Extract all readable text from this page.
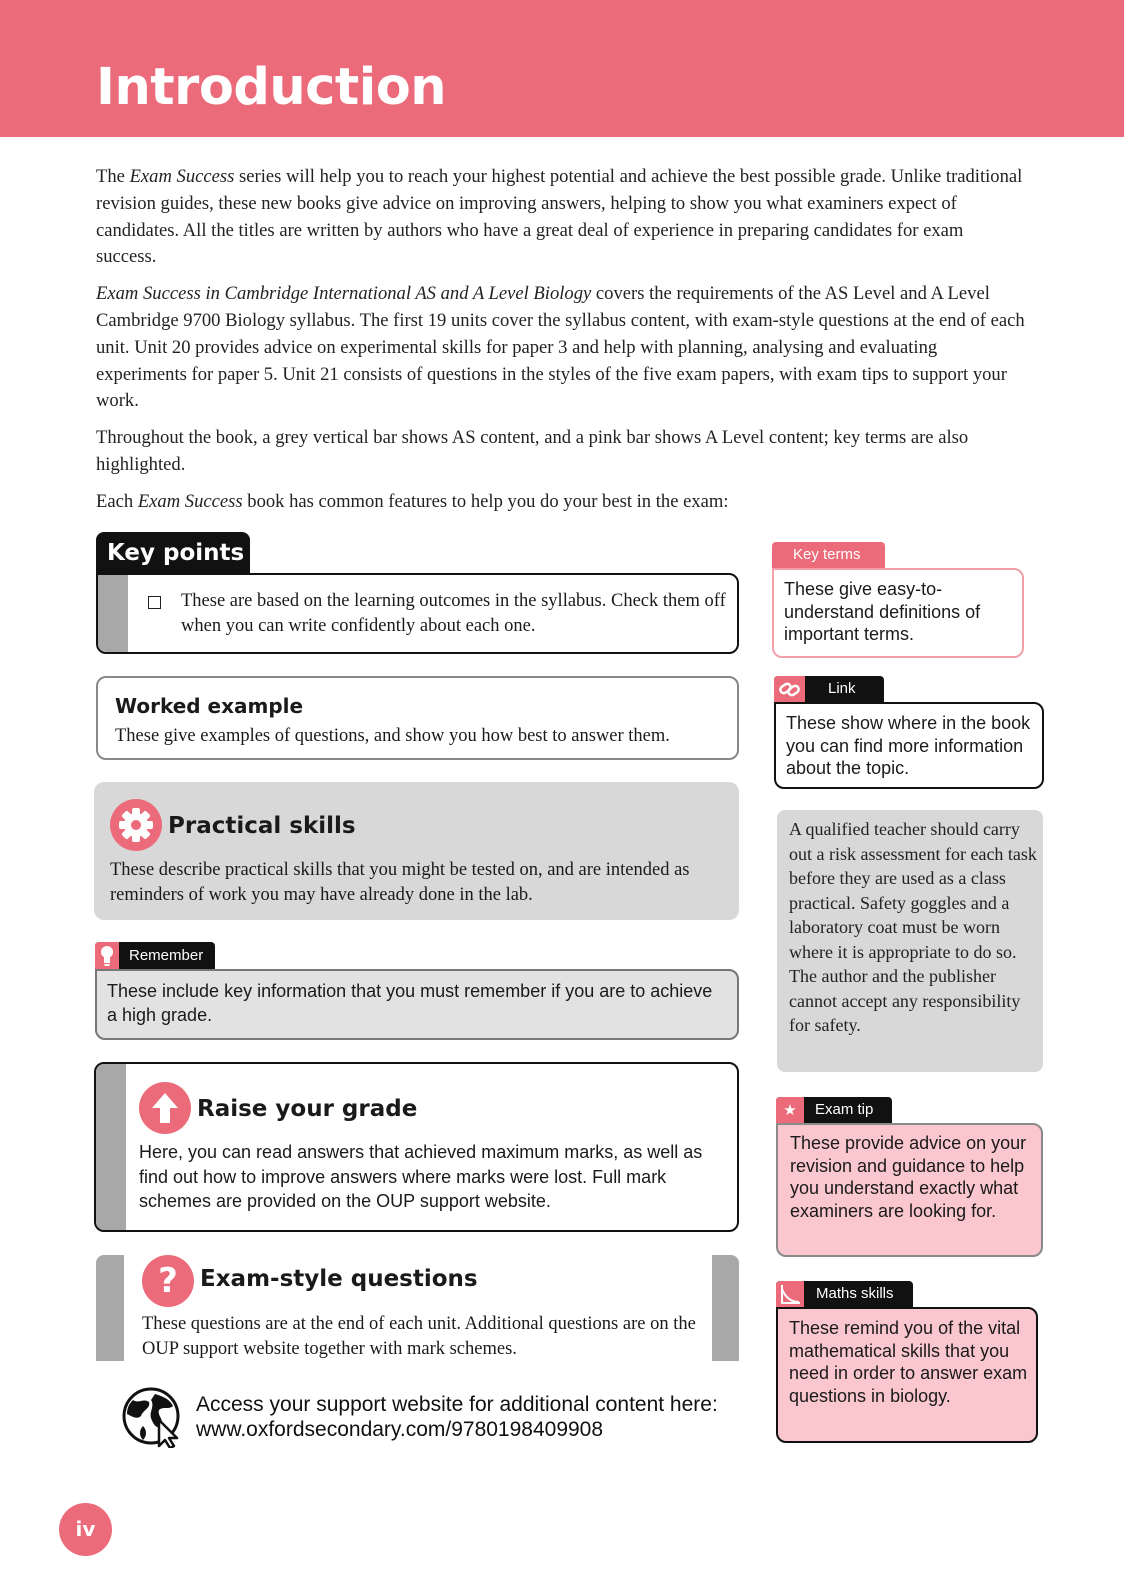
Introduction

The Exam Success series will help you to reach your highest potential and achieve the best possible grade. Unlike traditional revision guides, these new books give advice on improving answers, helping to show you what examiners expect of candidates. All the titles are written by authors who have a great deal of experience in preparing candidates for exam success.

Exam Success in Cambridge International AS and A Level Biology covers the requirements of the AS Level and A Level Cambridge 9700 Biology syllabus. The first 19 units cover the syllabus content, with exam-style questions at the end of each unit. Unit 20 provides advice on experimental skills for paper 3 and help with planning, analysing and evaluating experiments for paper 5. Unit 21 consists of questions in the styles of the five exam papers, with exam tips to support your work.

Throughout the book, a grey vertical bar shows AS content, and a pink bar shows A Level content; key terms are also highlighted.

Each Exam Success book has common features to help you do your best in the exam:

Key points
These are based on the learning outcomes in the syllabus. Check them off when you can write confidently about each one.
Worked example
These give examples of questions, and show you how best to answer them.
Practical skills
These describe practical skills that you might be tested on, and are intended as reminders of work you may have already done in the lab.
Remember
These include key information that you must remember if you are to achieve a high grade.
Raise your grade
Here, you can read answers that achieved maximum marks, as well as find out how to improve answers where marks were lost. Full mark schemes are provided on the OUP support website.
? Exam-style questions
These questions are at the end of each unit. Additional questions are on the OUP support website together with mark schemes.
Access your support website for additional content here:
www.oxfordsecondary.com/9780198409908
iv
Key terms
These give easy-to-understand definitions of important terms.
Link
These show where in the book you can find more information about the topic.
A qualified teacher should carry out a risk assessment for each task before they are used as a class practical. Safety goggles and a laboratory coat must be worn where it is appropriate to do so. The author and the publisher cannot accept any responsibility for safety.
★	Exam tip
These provide advice on your revision and guidance to help you understand exactly what examiners are looking for.
Maths skills
These remind you of the vital mathematical skills that you need in order to answer exam questions in biology.
